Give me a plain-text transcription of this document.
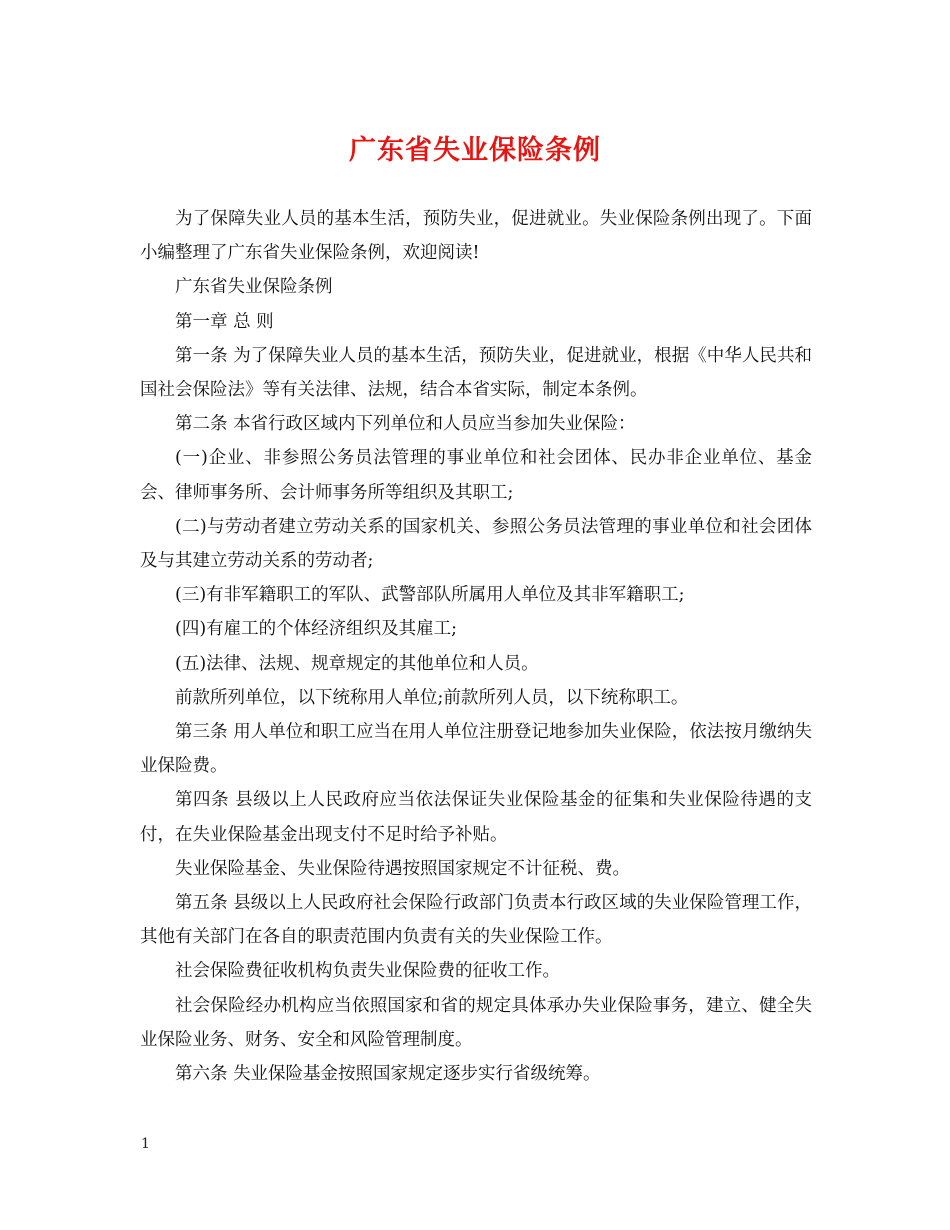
广东省失业保险条例

为了保障失业人员的基本生活，预防失业，促进就业。失业保险条例出现了。下面小编整理了广东省失业保险条例，欢迎阅读!

广东省失业保险条例

第一章 总 则

第一条 为了保障失业人员的基本生活，预防失业，促进就业，根据《中华人民共和国社会保险法》等有关法律、法规，结合本省实际，制定本条例。

第二条 本省行政区域内下列单位和人员应当参加失业保险：

(一)企业、非参照公务员法管理的事业单位和社会团体、民办非企业单位、基金会、律师事务所、会计师事务所等组织及其职工;

(二)与劳动者建立劳动关系的国家机关、参照公务员法管理的事业单位和社会团体及与其建立劳动关系的劳动者;

(三)有非军籍职工的军队、武警部队所属用人单位及其非军籍职工;

(四)有雇工的个体经济组织及其雇工;

(五)法律、法规、规章规定的其他单位和人员。

前款所列单位，以下统称用人单位;前款所列人员，以下统称职工。

第三条 用人单位和职工应当在用人单位注册登记地参加失业保险，依法按月缴纳失业保险费。

第四条 县级以上人民政府应当依法保证失业保险基金的征集和失业保险待遇的支付，在失业保险基金出现支付不足时给予补贴。

失业保险基金、失业保险待遇按照国家规定不计征税、费。

第五条 县级以上人民政府社会保险行政部门负责本行政区域的失业保险管理工作，其他有关部门在各自的职责范围内负责有关的失业保险工作。

社会保险费征收机构负责失业保险费的征收工作。

社会保险经办机构应当依照国家和省的规定具体承办失业保险事务，建立、健全失业保险业务、财务、安全和风险管理制度。

第六条 失业保险基金按照国家规定逐步实行省级统筹。

1
